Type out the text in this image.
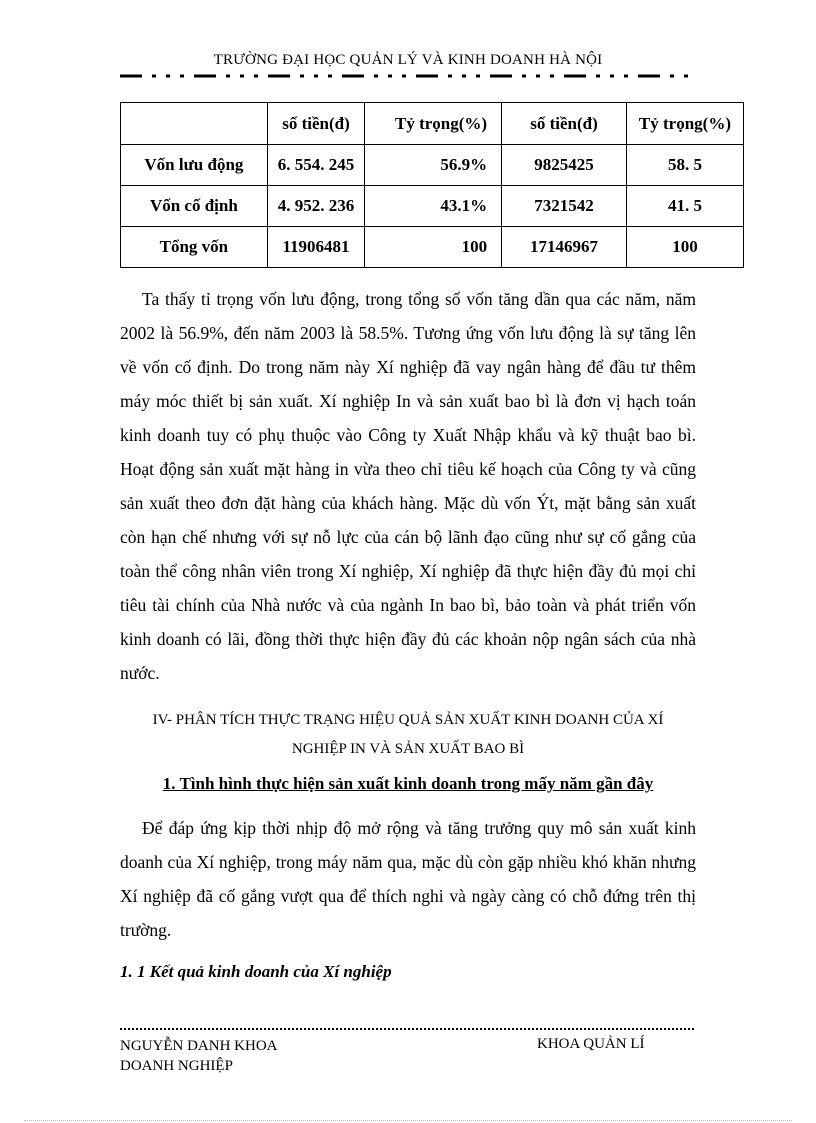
TRƯỜNG ĐẠI HỌC QUẢN LÝ VÀ KINH DOANH HÀ NỘI
	số tiền(đ)	Tỷ trọng(%)	số tiền(đ)	Tỷ trọng(%)
Vốn lưu động	6. 554. 245	56.9%	9825425	58. 5
Vốn cố định	4. 952. 236	43.1%	7321542	41. 5
Tổng vốn	11906481	100	17146967	100

Ta thấy tỉ trọng vốn lưu động, trong tổng số vốn tăng dần qua các năm, năm 2002 là 56.9%, đến năm 2003 là 58.5%. Tương ứng vốn lưu động là sự tăng lên về vốn cố định. Do trong năm này Xí nghiệp đã vay ngân hàng để đầu tư thêm máy móc thiết bị sản xuất. Xí nghiệp In và sản xuất bao bì là đơn vị hạch toán kinh doanh tuy có phụ thuộc vào Công ty Xuất Nhập khẩu và kỹ thuật bao bì. Hoạt động sản xuất mặt hàng in vừa theo chỉ tiêu kế hoạch của Công ty và cũng sản xuất theo đơn đặt hàng của khách hàng. Mặc dù vốn Ýt, mặt bằng sản xuất còn hạn chế nhưng với sự nỗ lực của cán bộ lãnh đạo cũng như sự cố gắng của toàn thể công nhân viên trong Xí nghiệp, Xí nghiệp đã thực hiện đầy đủ mọi chỉ tiêu tài chính của Nhà nước và của ngành In bao bì, bảo toàn và phát triển vốn kinh doanh có lãi, đồng thời thực hiện đầy đủ các khoản nộp ngân sách của nhà nước.

IV- PHÂN TÍCH THỰC TRẠNG HIỆU QUẢ SẢN XUẤT KINH DOANH CỦA XÍ
NGHIỆP IN VÀ SẢN XUẤT BAO BÌ
1. Tình hình thực hiện sản xuất kinh doanh trong mấy năm gần đây

Để đáp ứng kịp thời nhịp độ mở rộng và tăng trưởng quy mô sản xuất kinh doanh của Xí nghiệp, trong máy năm qua, mặc dù còn gặp nhiều khó khăn nhưng Xí nghiệp đã cố gắng vượt qua để thích nghi và ngày càng có chỗ đứng trên thị trường.

1. 1 Kết quả kinh doanh của Xí nghiệp
NGUYỄN DANH KHOA
DOANH NGHIỆP
KHOA QUẢN LÍ
